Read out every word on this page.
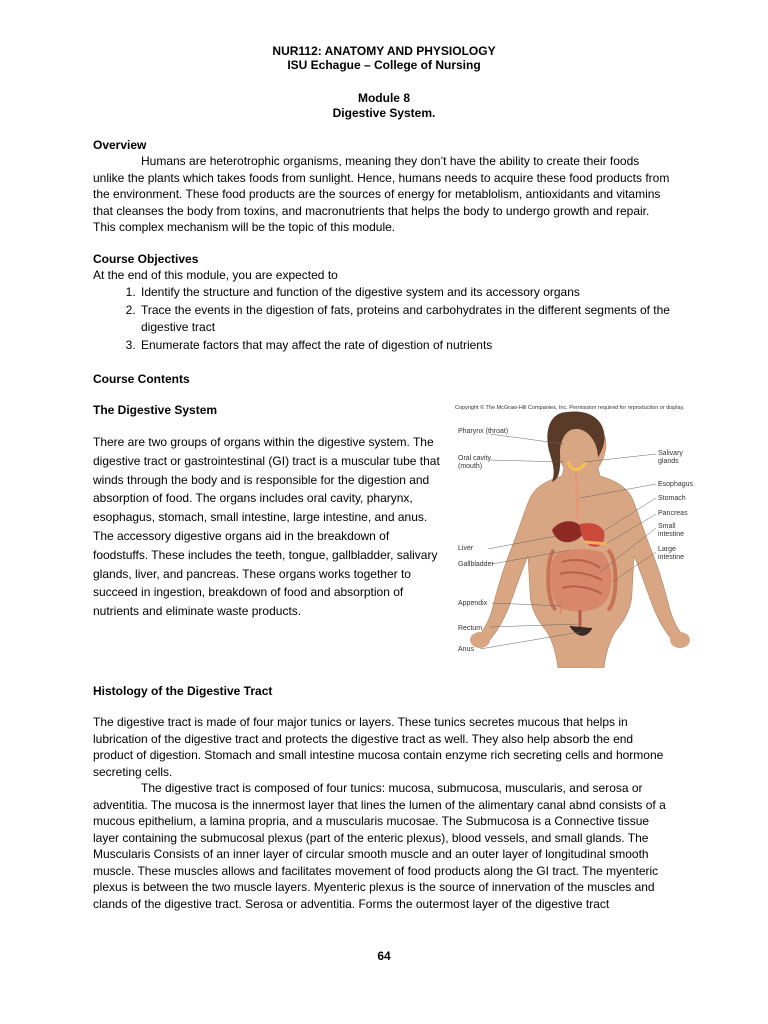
NUR112: ANATOMY AND PHYSIOLOGY
ISU Echague – College of Nursing
Module 8
Digestive System.
Overview
Humans are heterotrophic organisms, meaning they don’t have the ability to create their foods unlike the plants which takes foods from sunlight. Hence, humans needs to acquire these food products from the environment. These food products are the sources of energy for metablolism, antioxidants and vitamins that cleanses the body from toxins, and macronutrients that helps the body to undergo growth and repair. This complex mechanism will be the topic of this module.
Course Objectives
At the end of this module, you are expected to
1. Identify the structure and function of the digestive system and its accessory organs
2. Trace the events in the digestion of fats, proteins and carbohydrates in the different segments of the digestive tract
3. Enumerate factors that may affect the rate of digestion of nutrients
Course Contents
The Digestive System
There are two groups of organs within the digestive system. The digestive tract or gastrointestinal (GI) tract is a muscular tube that winds through the body and is responsible for the digestion and absorption of food. The organs includes oral cavity, pharynx, esophagus, stomach, small intestine, large intestine, and anus. The accessory digestive organs aid in the breakdown of foodstuffs. These includes the teeth, tongue, gallbladder, salivary glands, liver, and pancreas. These organs works together to succeed in ingestion, breakdown of food and absorption of nutrients and eliminate waste products.
Copyright © The McGraw-Hill Companies, Inc. Permission required for reproduction or display.
Pharynx (throat)
Oral cavity (mouth)
Liver
Gallbladder
Appendix
Rectum
Anus
Salivary glands
Esophagus
Stomach
Pancreas
Small intestine
Large intestine
Histology of the Digestive Tract
The digestive tract is made of four major tunics or layers. These tunics secretes mucous that helps in lubrication of the digestive tract and protects the digestive tract as well. They also help absorb the end product of digestion. Stomach and small intestine mucosa contain enzyme rich secreting cells and hormone secreting cells.
The digestive tract is composed of four tunics: mucosa, submucosa, muscularis, and serosa or adventitia. The mucosa is the innermost layer that lines the lumen of the alimentary canal abnd consists of a mucous epithelium, a lamina propria, and a muscularis mucosae. The Submucosa is a Connective tissue layer containing the submucosal plexus (part of the enteric plexus), blood vessels, and small glands. The Muscularis Consists of an inner layer of circular smooth muscle and an outer layer of longitudinal smooth muscle. These muscles allows and facilitates movement of food products along the GI tract. The myenteric plexus is between the two muscle layers. Myenteric plexus is the source of innervation of the muscles and clands of the digestive tract. Serosa or adventitia. Forms the outermost layer of the digestive tract
64
